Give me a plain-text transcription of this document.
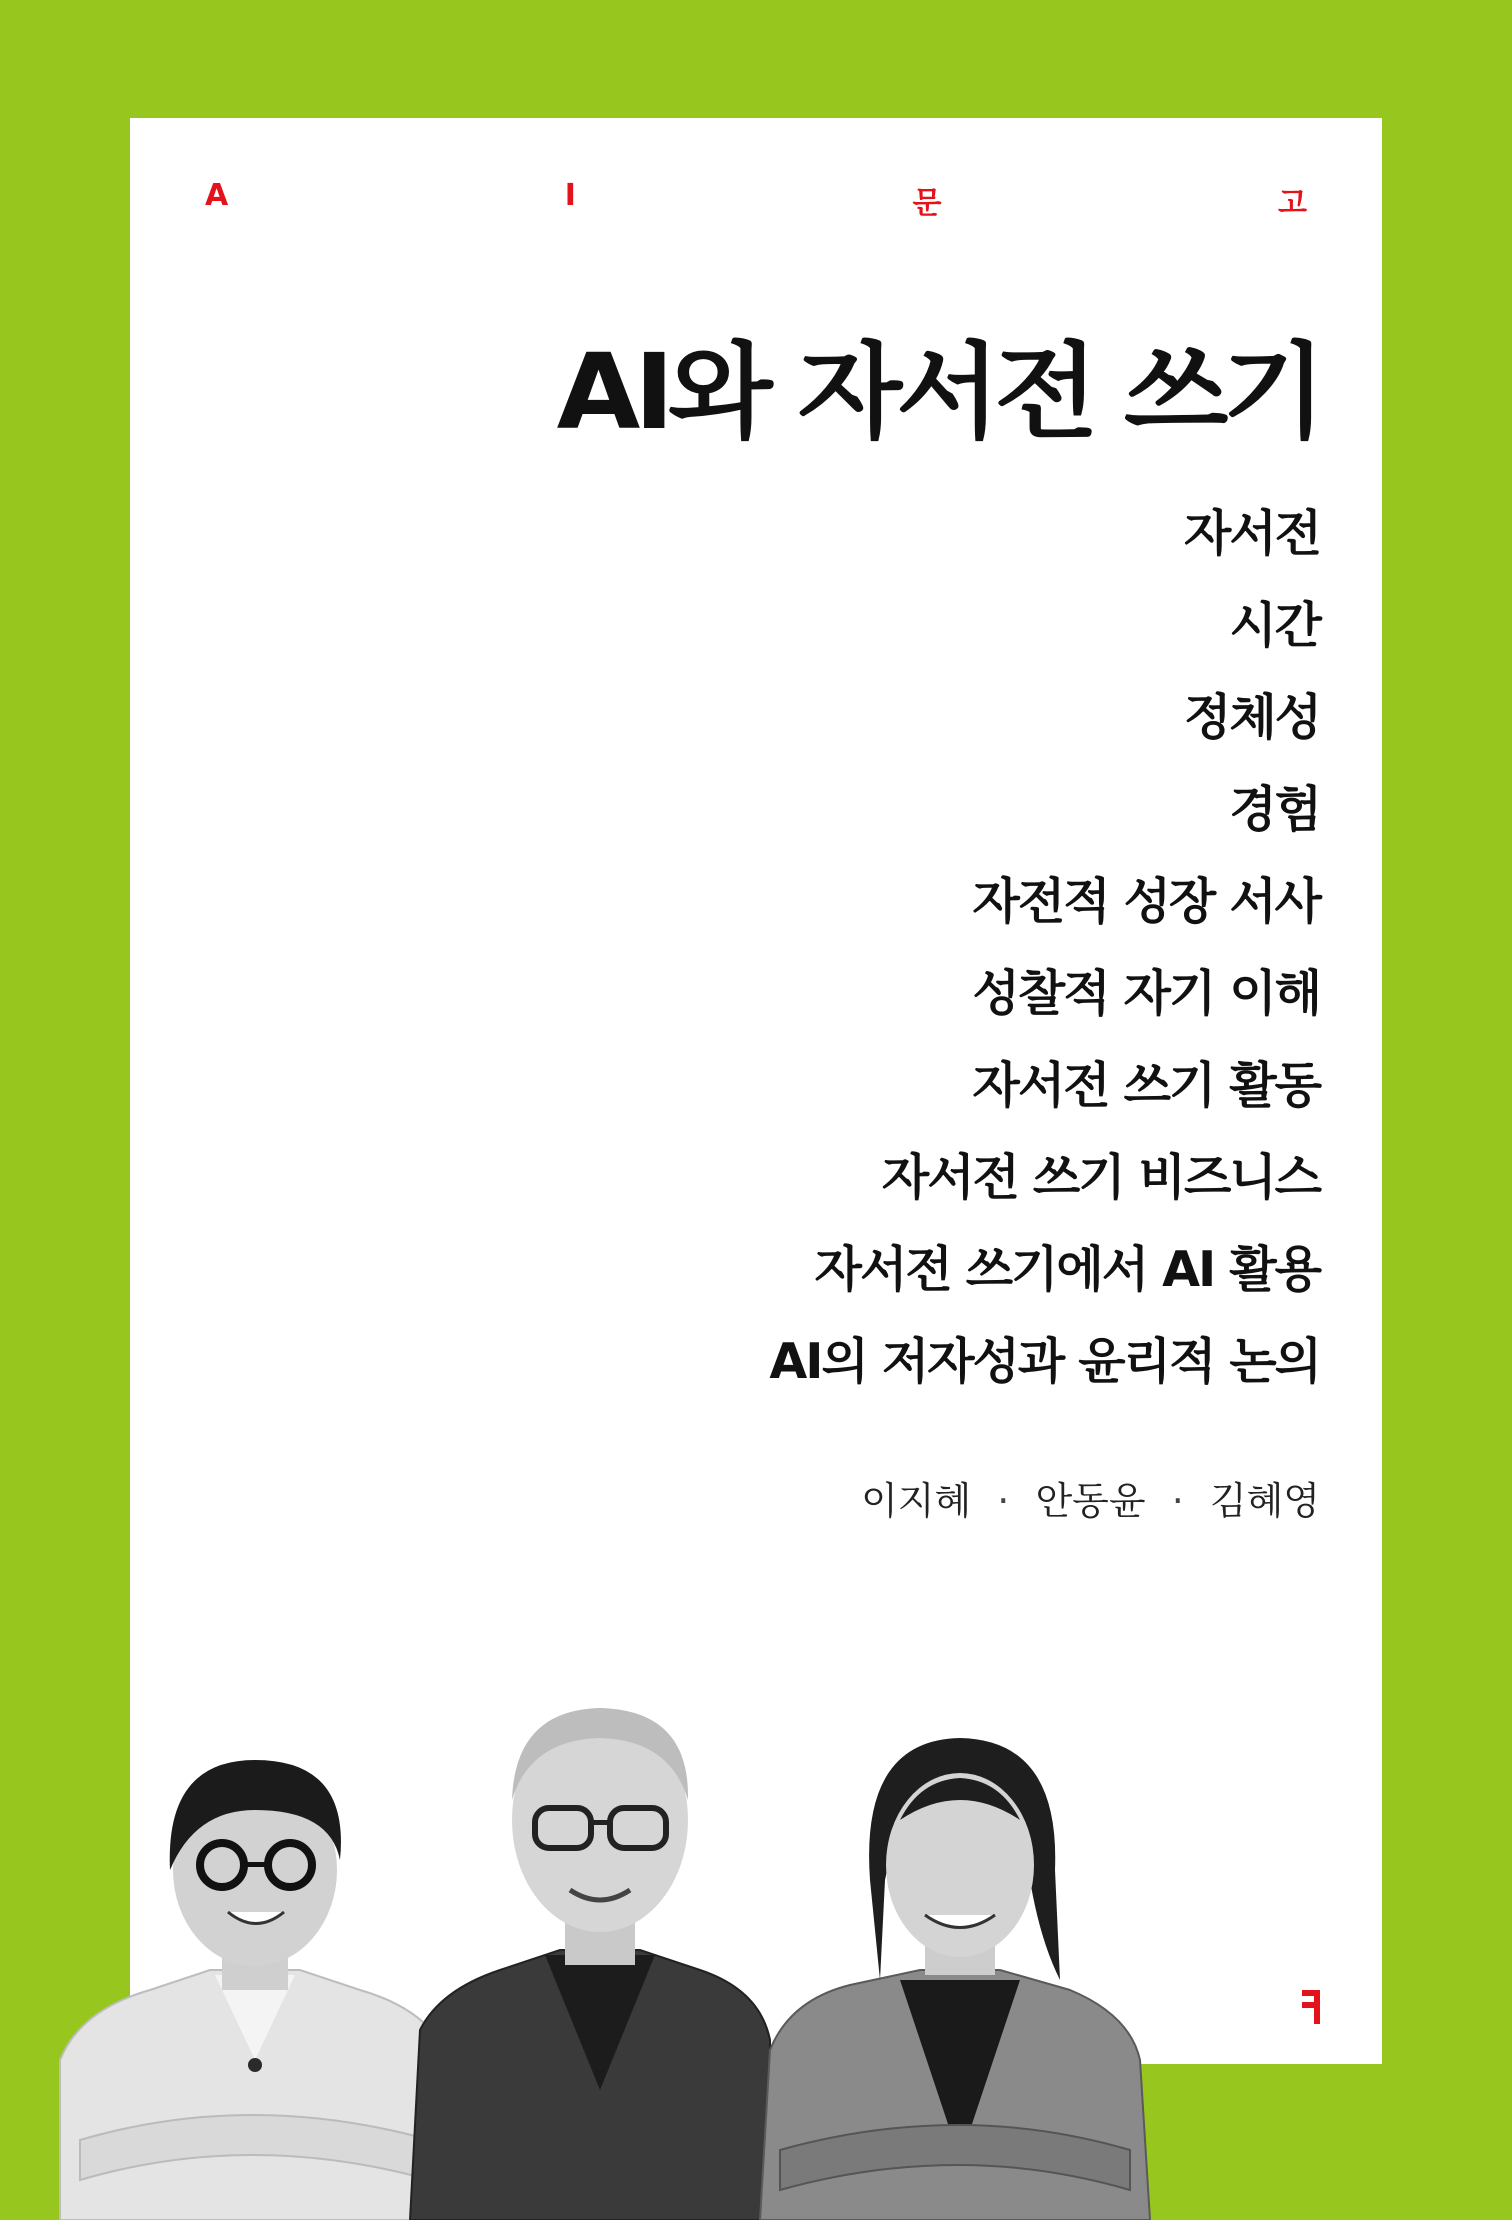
A	I	문	고
AI와 자서전 쓰기
자서전
시간
정체성
경험
자전적 성장 서사
성찰적 자기 이해
자서전 쓰기 활동
자서전 쓰기 비즈니스
자서전 쓰기에서 AI 활용
AI의 저자성과 윤리적 논의
이지혜 · 안동윤 · 김혜영
